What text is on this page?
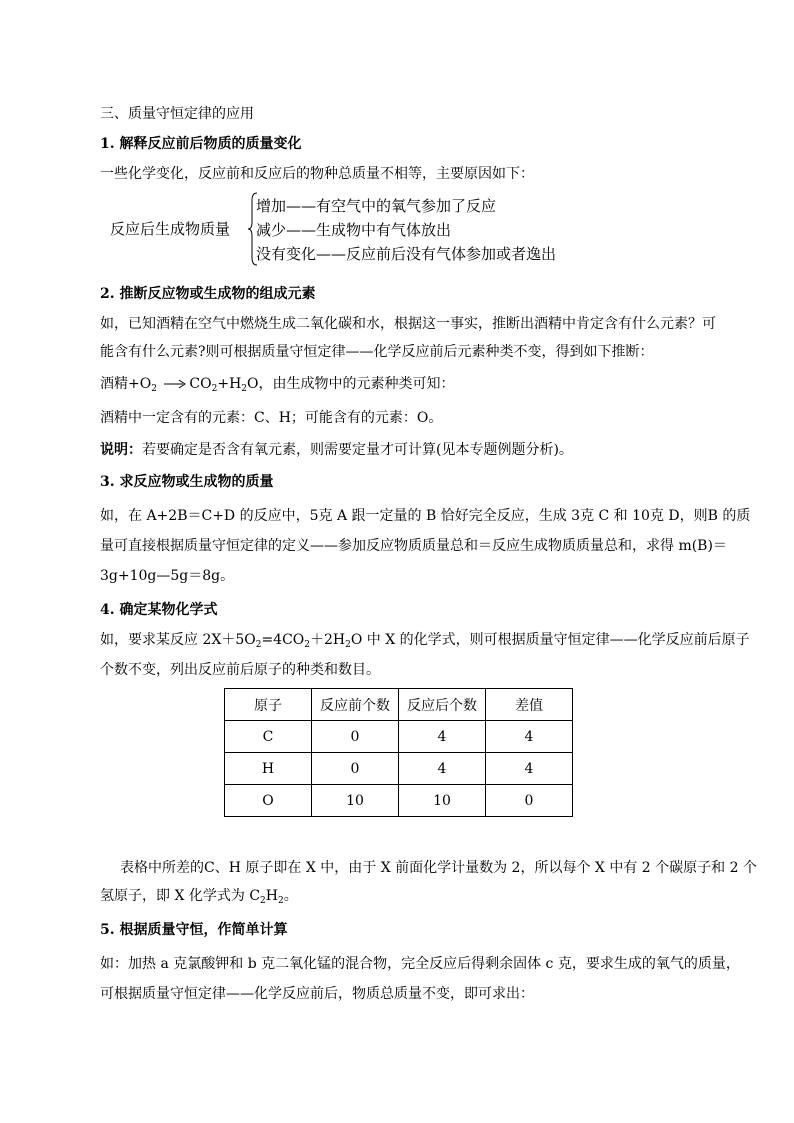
三、质量守恒定律的应用
1. 解释反应前后物质的质量变化
一些化学变化，反应前和反应后的物种总质量不相等，主要原因如下：
反应后生成物质量
增加——有空气中的氧气参加了反应
减少——生成物中有气体放出
没有变化——反应前后没有气体参加或者逸出
2. 推断反应物或生成物的组成元素
如，已知酒精在空气中燃烧生成二氧化碳和水，根据这一事实，推断出酒精中肯定含有什么元素？可
能含有什么元素?则可根据质量守恒定律——化学反应前后元素种类不变，得到如下推断：
酒精$+O_2 \to CO_2+H_2O$，由生成物中的元素种类可知：
酒精中一定含有的元素：C、H；可能含有的元素：O。
说明：若要确定是否含有氧元素，则需要定量才可计算(见本专题例题分析)。
3. 求反应物或生成物的质量
如，在 A+2B＝C+D 的反应中，5克 A 跟一定量的 B 恰好完全反应，生成 3克 C 和 10克 D，则B 的质
量可直接根据质量守恒定律的定义——参加反应物质质量总和＝反应生成物质质量总和，求得 m(B)＝
3g+10g—5g＝8g。
4. 确定某物化学式
如，要求某反应 $2X+5O_2=4CO_2+2H_2O$ 中 X 的化学式，则可根据质量守恒定律——化学反应前后原子
个数不变，列出反应前后原子的种类和数目。
原子	反应前个数	反应后个数	差值
C	0	4	4
H	0	4	4
O	10	10	0
表格中所差的C、H 原子即在 X 中，由于 X 前面化学计量数为 2，所以每个 X 中有 2 个碳原子和 2 个
氢原子，即 X 化学式为 $C_2H_2$。
5. 根据质量守恒，作简单计算
如：加热 a 克氯酸钾和 b 克二氧化锰的混合物，完全反应后得剩余固体 c 克，要求生成的氧气的质量，
可根据质量守恒定律——化学反应前后，物质总质量不变，即可求出：
